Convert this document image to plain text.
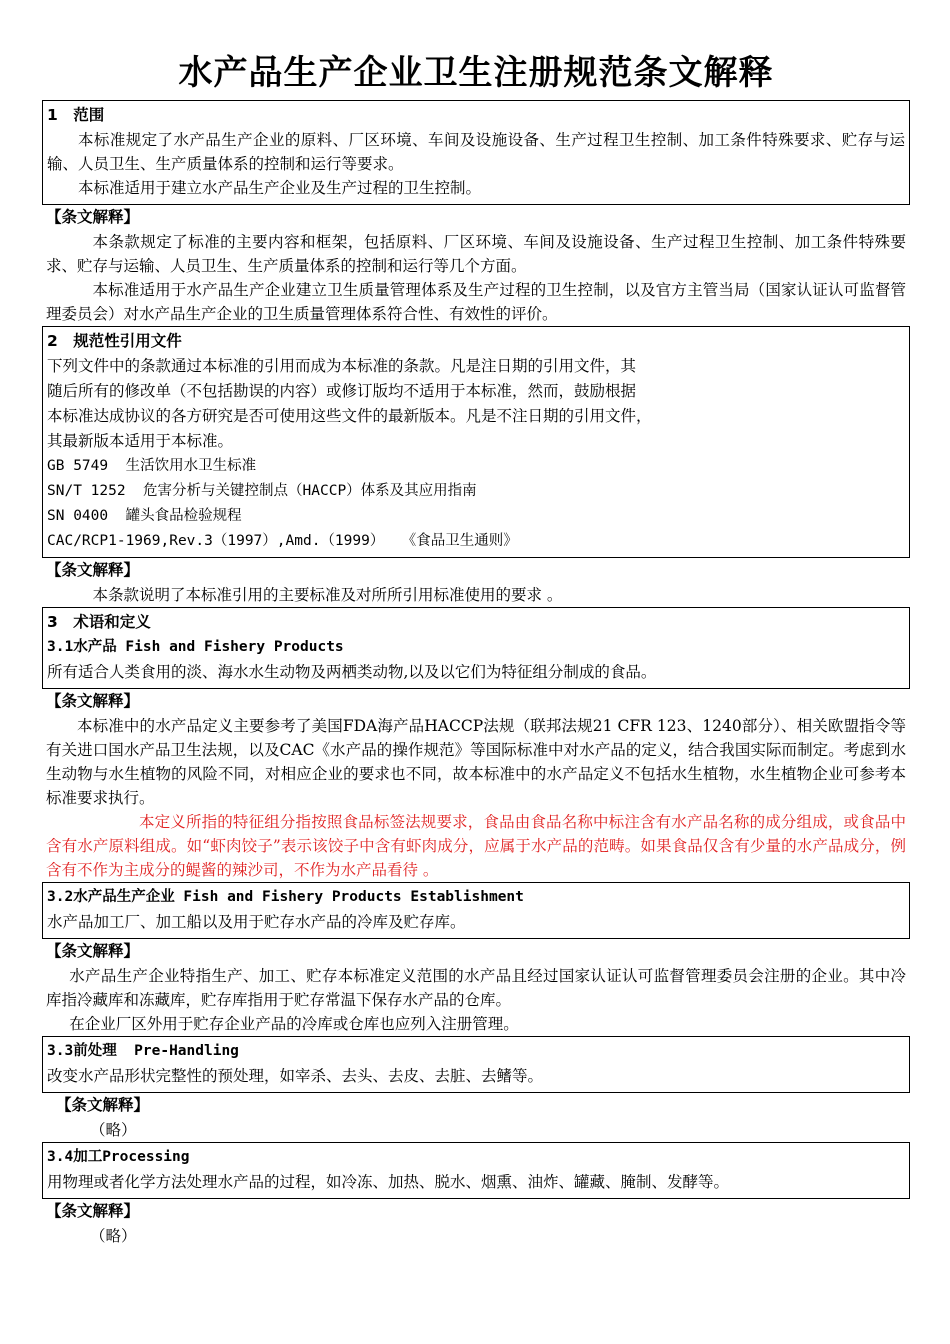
水产品生产企业卫生注册规范条文解释
1　范围
本标准规定了水产品生产企业的原料、厂区环境、车间及设施设备、生产过程卫生控制、加工条件特殊要求、贮存与运输、人员卫生、生产质量体系的控制和运行等要求。
本标准适用于建立水产品生产企业及生产过程的卫生控制。
【条文解释】
本条款规定了标准的主要内容和框架，包括原料、厂区环境、车间及设施设备、生产过程卫生控制、加工条件特殊要求、贮存与运输、人员卫生、生产质量体系的控制和运行等几个方面。
本标准适用于水产品生产企业建立卫生质量管理体系及生产过程的卫生控制，以及官方主管当局（国家认证认可监督管理委员会）对水产品生产企业的卫生质量管理体系符合性、有效性的评价。
2　规范性引用文件
下列文件中的条款通过本标准的引用而成为本标准的条款。凡是注日期的引用文件，其
随后所有的修改单（不包括勘误的内容）或修订版均不适用于本标准，然而，鼓励根据
本标准达成协议的各方研究是否可使用这些文件的最新版本。凡是不注日期的引用文件，
其最新版本适用于本标准。
GB 5749  生活饮用水卫生标准
SN/T 1252  危害分析与关键控制点（HACCP）体系及其应用指南
SN 0400  罐头食品检验规程
CAC/RCP1-1969,Rev.3（1997）,Amd.（1999）  《食品卫生通则》
【条文解释】
本条款说明了本标准引用的主要标准及对所所引用标准使用的要求 。
3　术语和定义
3.1水产品 Fish and Fishery Products
所有适合人类食用的淡、海水水生动物及两栖类动物,以及以它们为特征组分制成的食品。
【条文解释】
本标准中的水产品定义主要参考了美国FDA海产品HACCP法规（联邦法规21 CFR 123、1240部分）、相关欧盟指令等有关进口国水产品卫生法规，以及CAC《水产品的操作规范》等国际标准中对水产品的定义，结合我国实际而制定。考虑到水生动物与水生植物的风险不同，对相应企业的要求也不同，故本标准中的水产品定义不包括水生植物，水生植物企业可参考本标准要求执行。
本定义所指的特征组分指按照食品标签法规要求，食品由食品名称中标注含有水产品名称的成分组成，或食品中含有水产原料组成。如“虾肉饺子”表示该饺子中含有虾肉成分，应属于水产品的范畴。如果食品仅含有少量的水产品成分，例含有不作为主成分的鳀酱的辣沙司，不作为水产品看待 。
3.2水产品生产企业 Fish and Fishery Products Establishment
水产品加工厂、加工船以及用于贮存水产品的冷库及贮存库。
【条文解释】
水产品生产企业特指生产、加工、贮存本标准定义范围的水产品且经过国家认证认可监督管理委员会注册的企业。其中冷库指冷藏库和冻藏库，贮存库指用于贮存常温下保存水产品的仓库。
在企业厂区外用于贮存企业产品的冷库或仓库也应列入注册管理。
3.3前处理  Pre-Handling
改变水产品形状完整性的预处理，如宰杀、去头、去皮、去脏、去鳍等。
【条文解释】
（略）
3.4加工Processing
用物理或者化学方法处理水产品的过程，如冷冻、加热、脱水、烟熏、油炸、罐藏、腌制、发酵等。
【条文解释】
（略）
